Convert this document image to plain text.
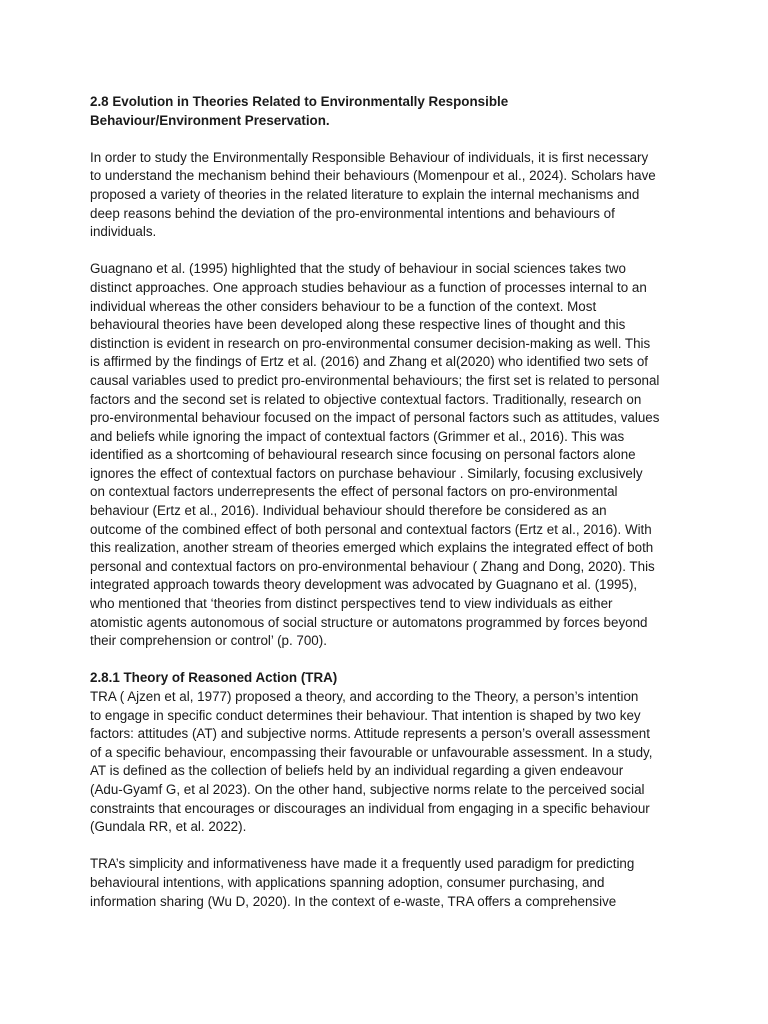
2.8 Evolution in Theories Related to Environmentally Responsible
Behaviour/Environment Preservation.
In order to study the Environmentally Responsible Behaviour of individuals, it is first necessary
to understand the mechanism behind their behaviours (Momenpour et al., 2024). Scholars have
proposed a variety of theories in the related literature to explain the internal mechanisms and
deep reasons behind the deviation of the pro-environmental intentions and behaviours of
individuals.
Guagnano et al. (1995) highlighted that the study of behaviour in social sciences takes two
distinct approaches. One approach studies behaviour as a function of processes internal to an
individual whereas the other considers behaviour to be a function of the context. Most
behavioural theories have been developed along these respective lines of thought and this
distinction is evident in research on pro-environmental consumer decision-making as well. This
is affirmed by the findings of Ertz et al. (2016) and Zhang et al(2020) who identified two sets of
causal variables used to predict pro-environmental behaviours; the first set is related to personal
factors and the second set is related to objective contextual factors. Traditionally, research on
pro-environmental behaviour focused on the impact of personal factors such as attitudes, values
and beliefs while ignoring the impact of contextual factors (Grimmer et al., 2016). This was
identified as a shortcoming of behavioural research since focusing on personal factors alone
ignores the effect of contextual factors on purchase behaviour . Similarly, focusing exclusively
on contextual factors underrepresents the effect of personal factors on pro-environmental
behaviour (Ertz et al., 2016). Individual behaviour should therefore be considered as an
outcome of the combined effect of both personal and contextual factors (Ertz et al., 2016). With
this realization, another stream of theories emerged which explains the integrated effect of both
personal and contextual factors on pro-environmental behaviour ( Zhang and Dong, 2020). This
integrated approach towards theory development was advocated by Guagnano et al. (1995),
who mentioned that ‘theories from distinct perspectives tend to view individuals as either
atomistic agents autonomous of social structure or automatons programmed by forces beyond
their comprehension or control’ (p. 700).
2.8.1 Theory of Reasoned Action (TRA)
TRA ( Ajzen et al, 1977) proposed a theory, and according to the Theory, a person’s intention
to engage in specific conduct determines their behaviour. That intention is shaped by two key
factors: attitudes (AT) and subjective norms. Attitude represents a person’s overall assessment
of a specific behaviour, encompassing their favourable or unfavourable assessment. In a study,
AT is defined as the collection of beliefs held by an individual regarding a given endeavour
(Adu-Gyamf G, et al 2023). On the other hand, subjective norms relate to the perceived social
constraints that encourages or discourages an individual from engaging in a specific behaviour
(Gundala RR, et al. 2022).
TRA’s simplicity and informativeness have made it a frequently used paradigm for predicting
behavioural intentions, with applications spanning adoption, consumer purchasing, and
information sharing (Wu D, 2020). In the context of e-waste, TRA offers a comprehensive
